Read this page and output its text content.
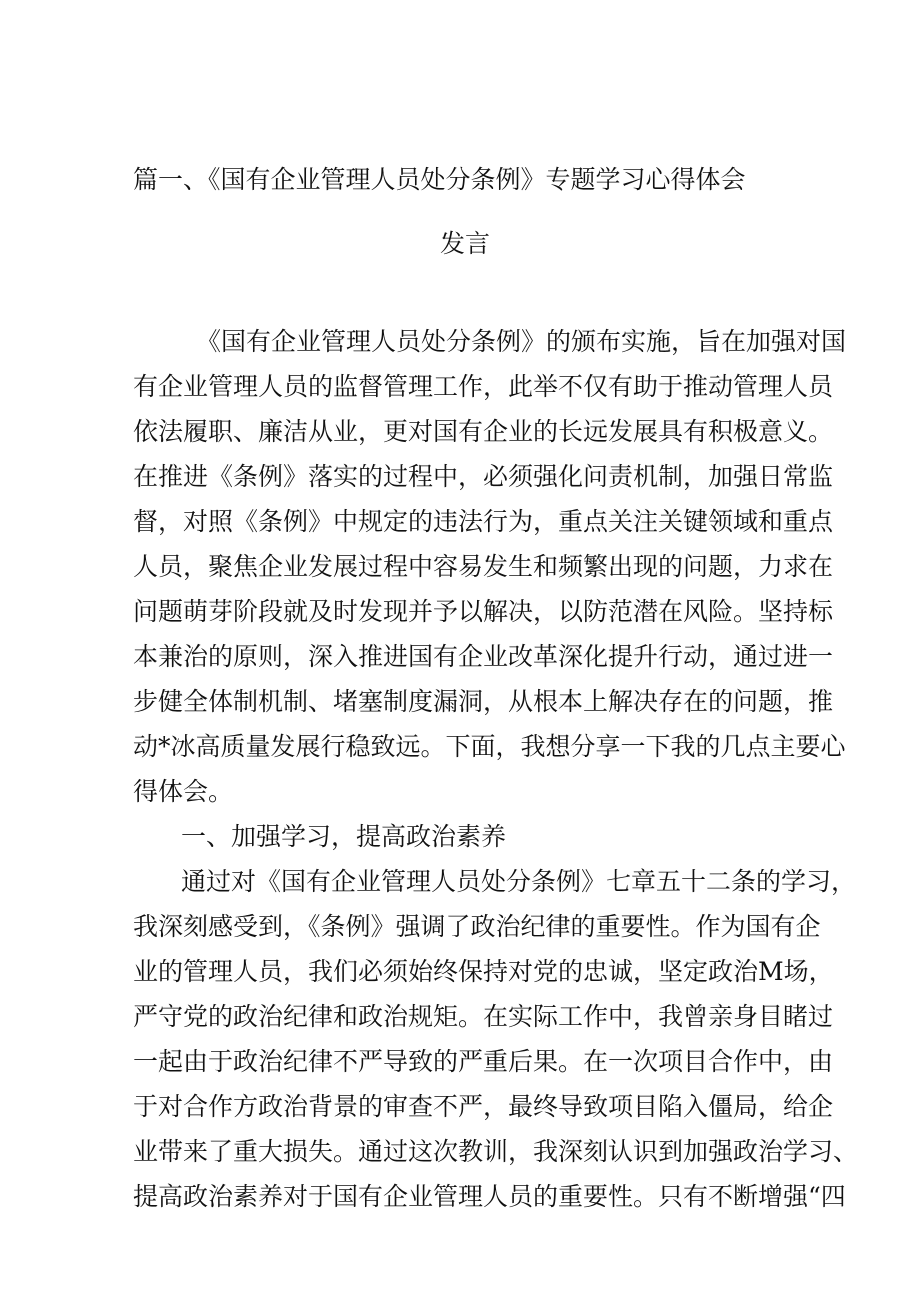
篇一、《国有企业管理人员处分条例》专题学习心得体会
发言
《国有企业管理人员处分条例》的颁布实施，旨在加强对国
有企业管理人员的监督管理工作，此举不仅有助于推动管理人员
依法履职、廉洁从业，更对国有企业的长远发展具有积极意义。
在推进《条例》落实的过程中，必须强化问责机制，加强日常监
督，对照《条例》中规定的违法行为，重点关注关键领域和重点
人员，聚焦企业发展过程中容易发生和频繁出现的问题，力求在
问题萌芽阶段就及时发现并予以解决，以防范潜在风险。坚持标
本兼治的原则，深入推进国有企业改革深化提升行动，通过进一
步健全体制机制、堵塞制度漏洞，从根本上解决存在的问题，推
动*冰高质量发展行稳致远。下面，我想分享一下我的几点主要心
得体会。
一、加强学习，提高政治素养
通过对《国有企业管理人员处分条例》七章五十二条的学习，
我深刻感受到，《条例》强调了政治纪律的重要性。作为国有企
业的管理人员，我们必须始终保持对党的忠诚，坚定政治M场，
严守党的政治纪律和政治规矩。在实际工作中，我曾亲身目睹过
一起由于政治纪律不严导致的严重后果。在一次项目合作中，由
于对合作方政治背景的审查不严，最终导致项目陷入僵局，给企
业带来了重大损失。通过这次教训，我深刻认识到加强政治学习、
提高政治素养对于国有企业管理人员的重要性。只有不断增强“四
